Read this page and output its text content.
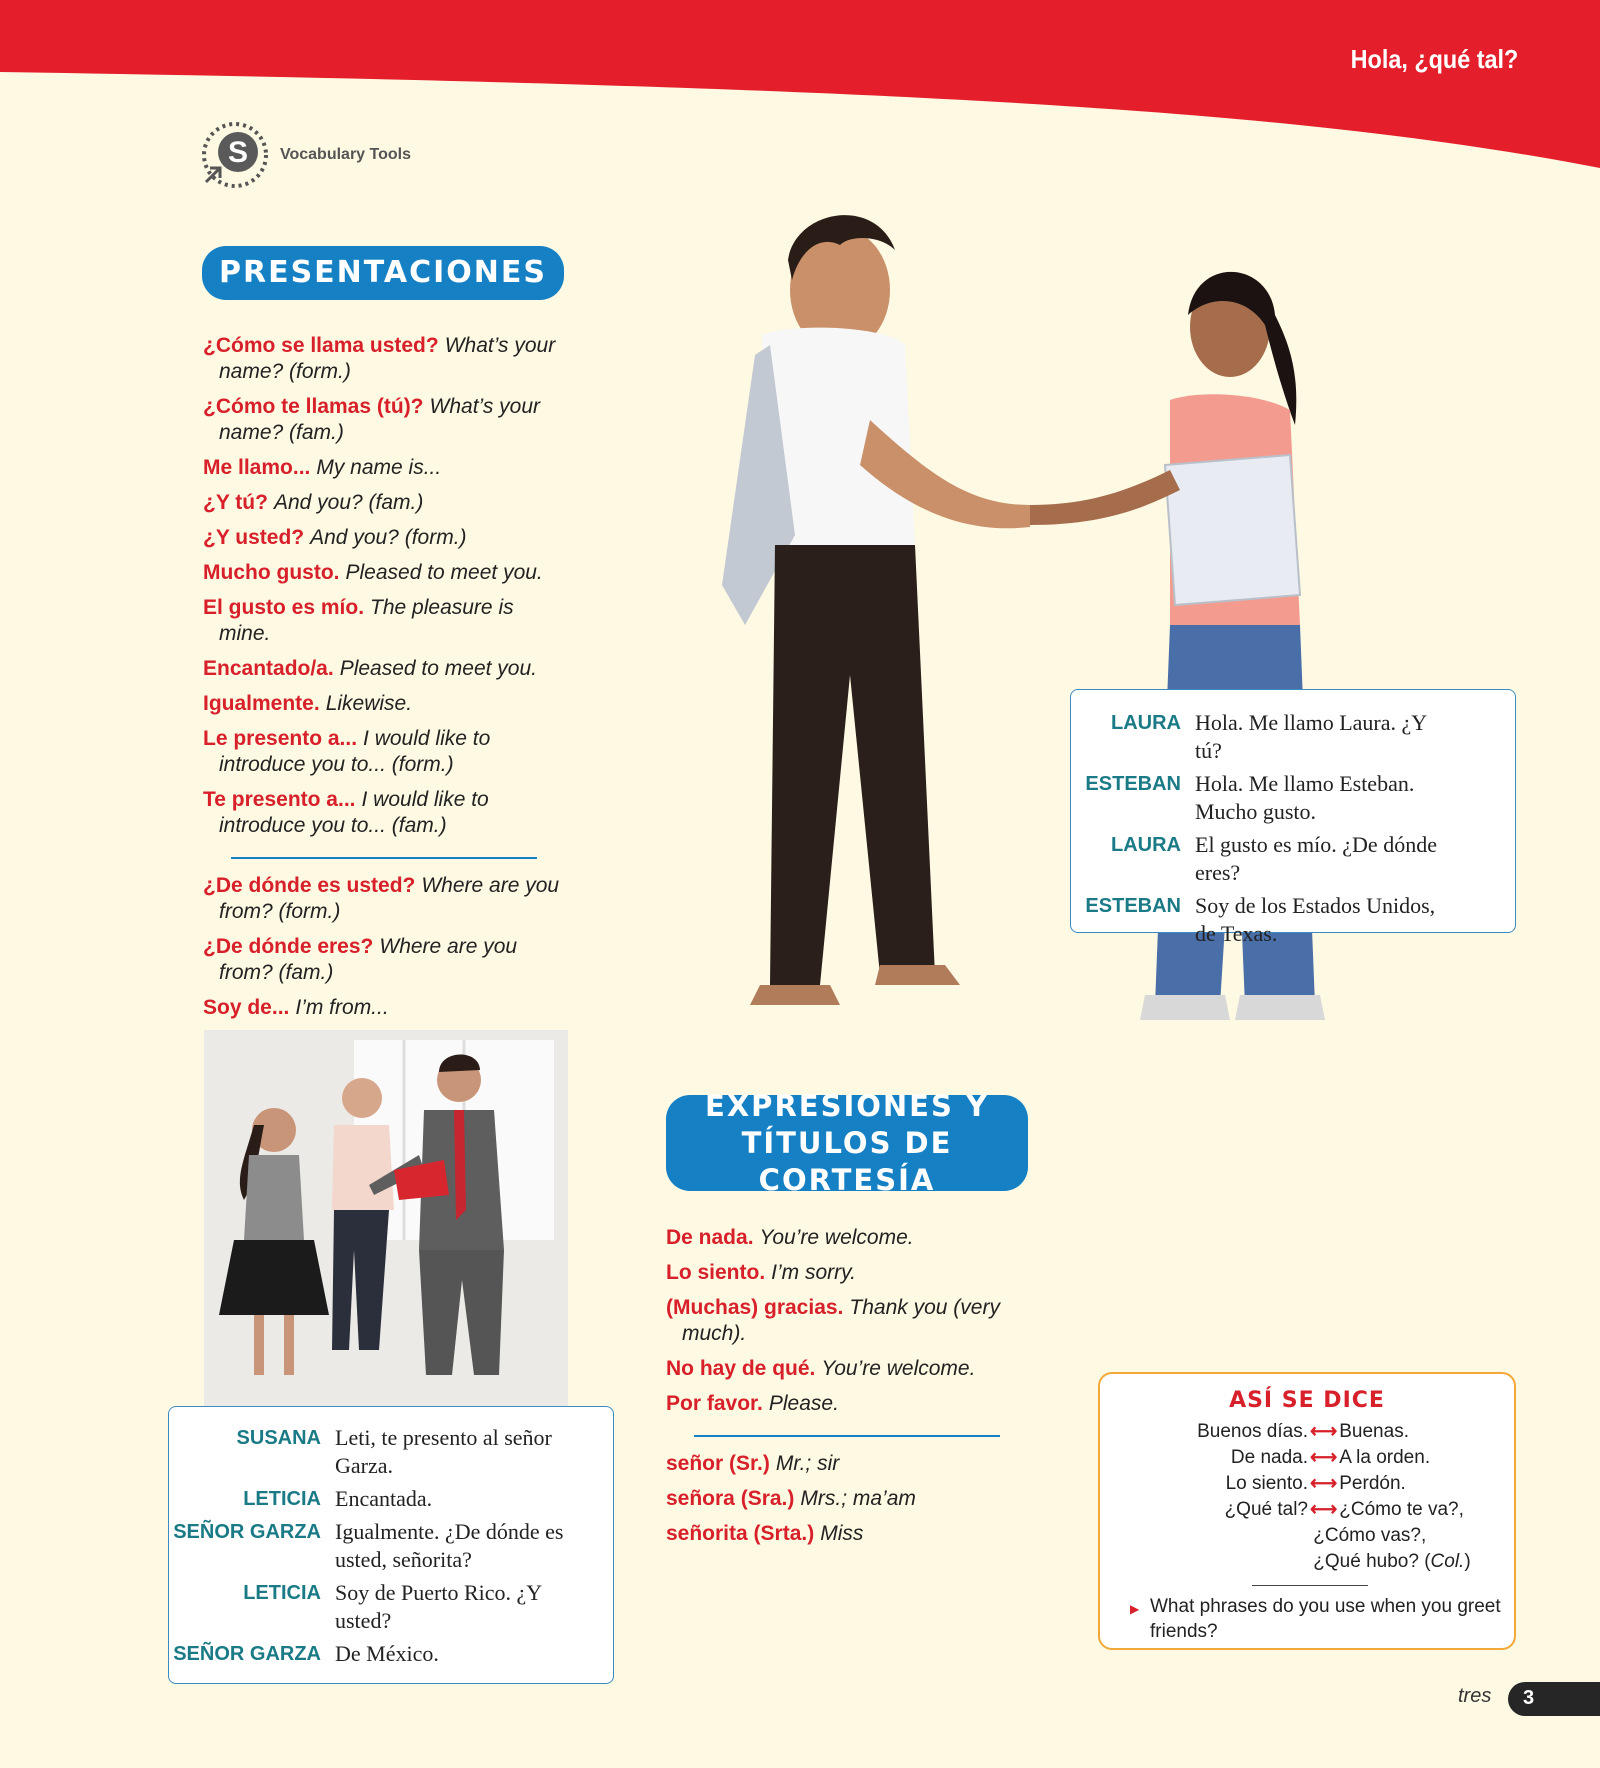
Hola, ¿qué tal?
S Vocabulary Tools
PRESENTACIONES
¿Cómo se llama usted? What’s your name? (form.)
¿Cómo te llamas (tú)? What’s your name? (fam.)
Me llamo... My name is...
¿Y tú? And you? (fam.)
¿Y usted? And you? (form.)
Mucho gusto. Pleased to meet you.
El gusto es mío. The pleasure is mine.
Encantado/a. Pleased to meet you.
Igualmente. Likewise.
Le presento a... I would like to introduce you to... (form.)
Te presento a... I would like to introduce you to... (fam.)
¿De dónde es usted? Where are you from? (form.)
¿De dónde eres? Where are you from? (fam.)
Soy de... I’m from...
LAURA Hola. Me llamo Laura. ¿Y tú?
ESTEBAN Hola. Me llamo Esteban. Mucho gusto.
LAURA El gusto es mío. ¿De dónde eres?
ESTEBAN Soy de los Estados Unidos, de Texas.
SUSANA Leti, te presento al señor Garza.
LETICIA Encantada.
SEÑOR GARZA Igualmente. ¿De dónde es usted, señorita?
LETICIA Soy de Puerto Rico. ¿Y usted?
SEÑOR GARZA De México.
EXPRESIONES Y
TÍTULOS DE CORTESÍA
De nada. You’re welcome.
Lo siento. I’m sorry.
(Muchas) gracias. Thank you (very much).
No hay de qué. You’re welcome.
Por favor. Please.
señor (Sr.) Mr.; sir
señora (Sra.) Mrs.; ma’am
señorita (Srta.) Miss
ASÍ SE DICE
Buenos días. ⟷ Buenas.
De nada. ⟷ A la orden.
Lo siento. ⟷ Perdón.
¿Qué tal? ⟷ ¿Cómo te va?,
¿Cómo vas?,
¿Qué hubo? (Col.)
▶ What phrases do you use when you greet friends?
tres 3
